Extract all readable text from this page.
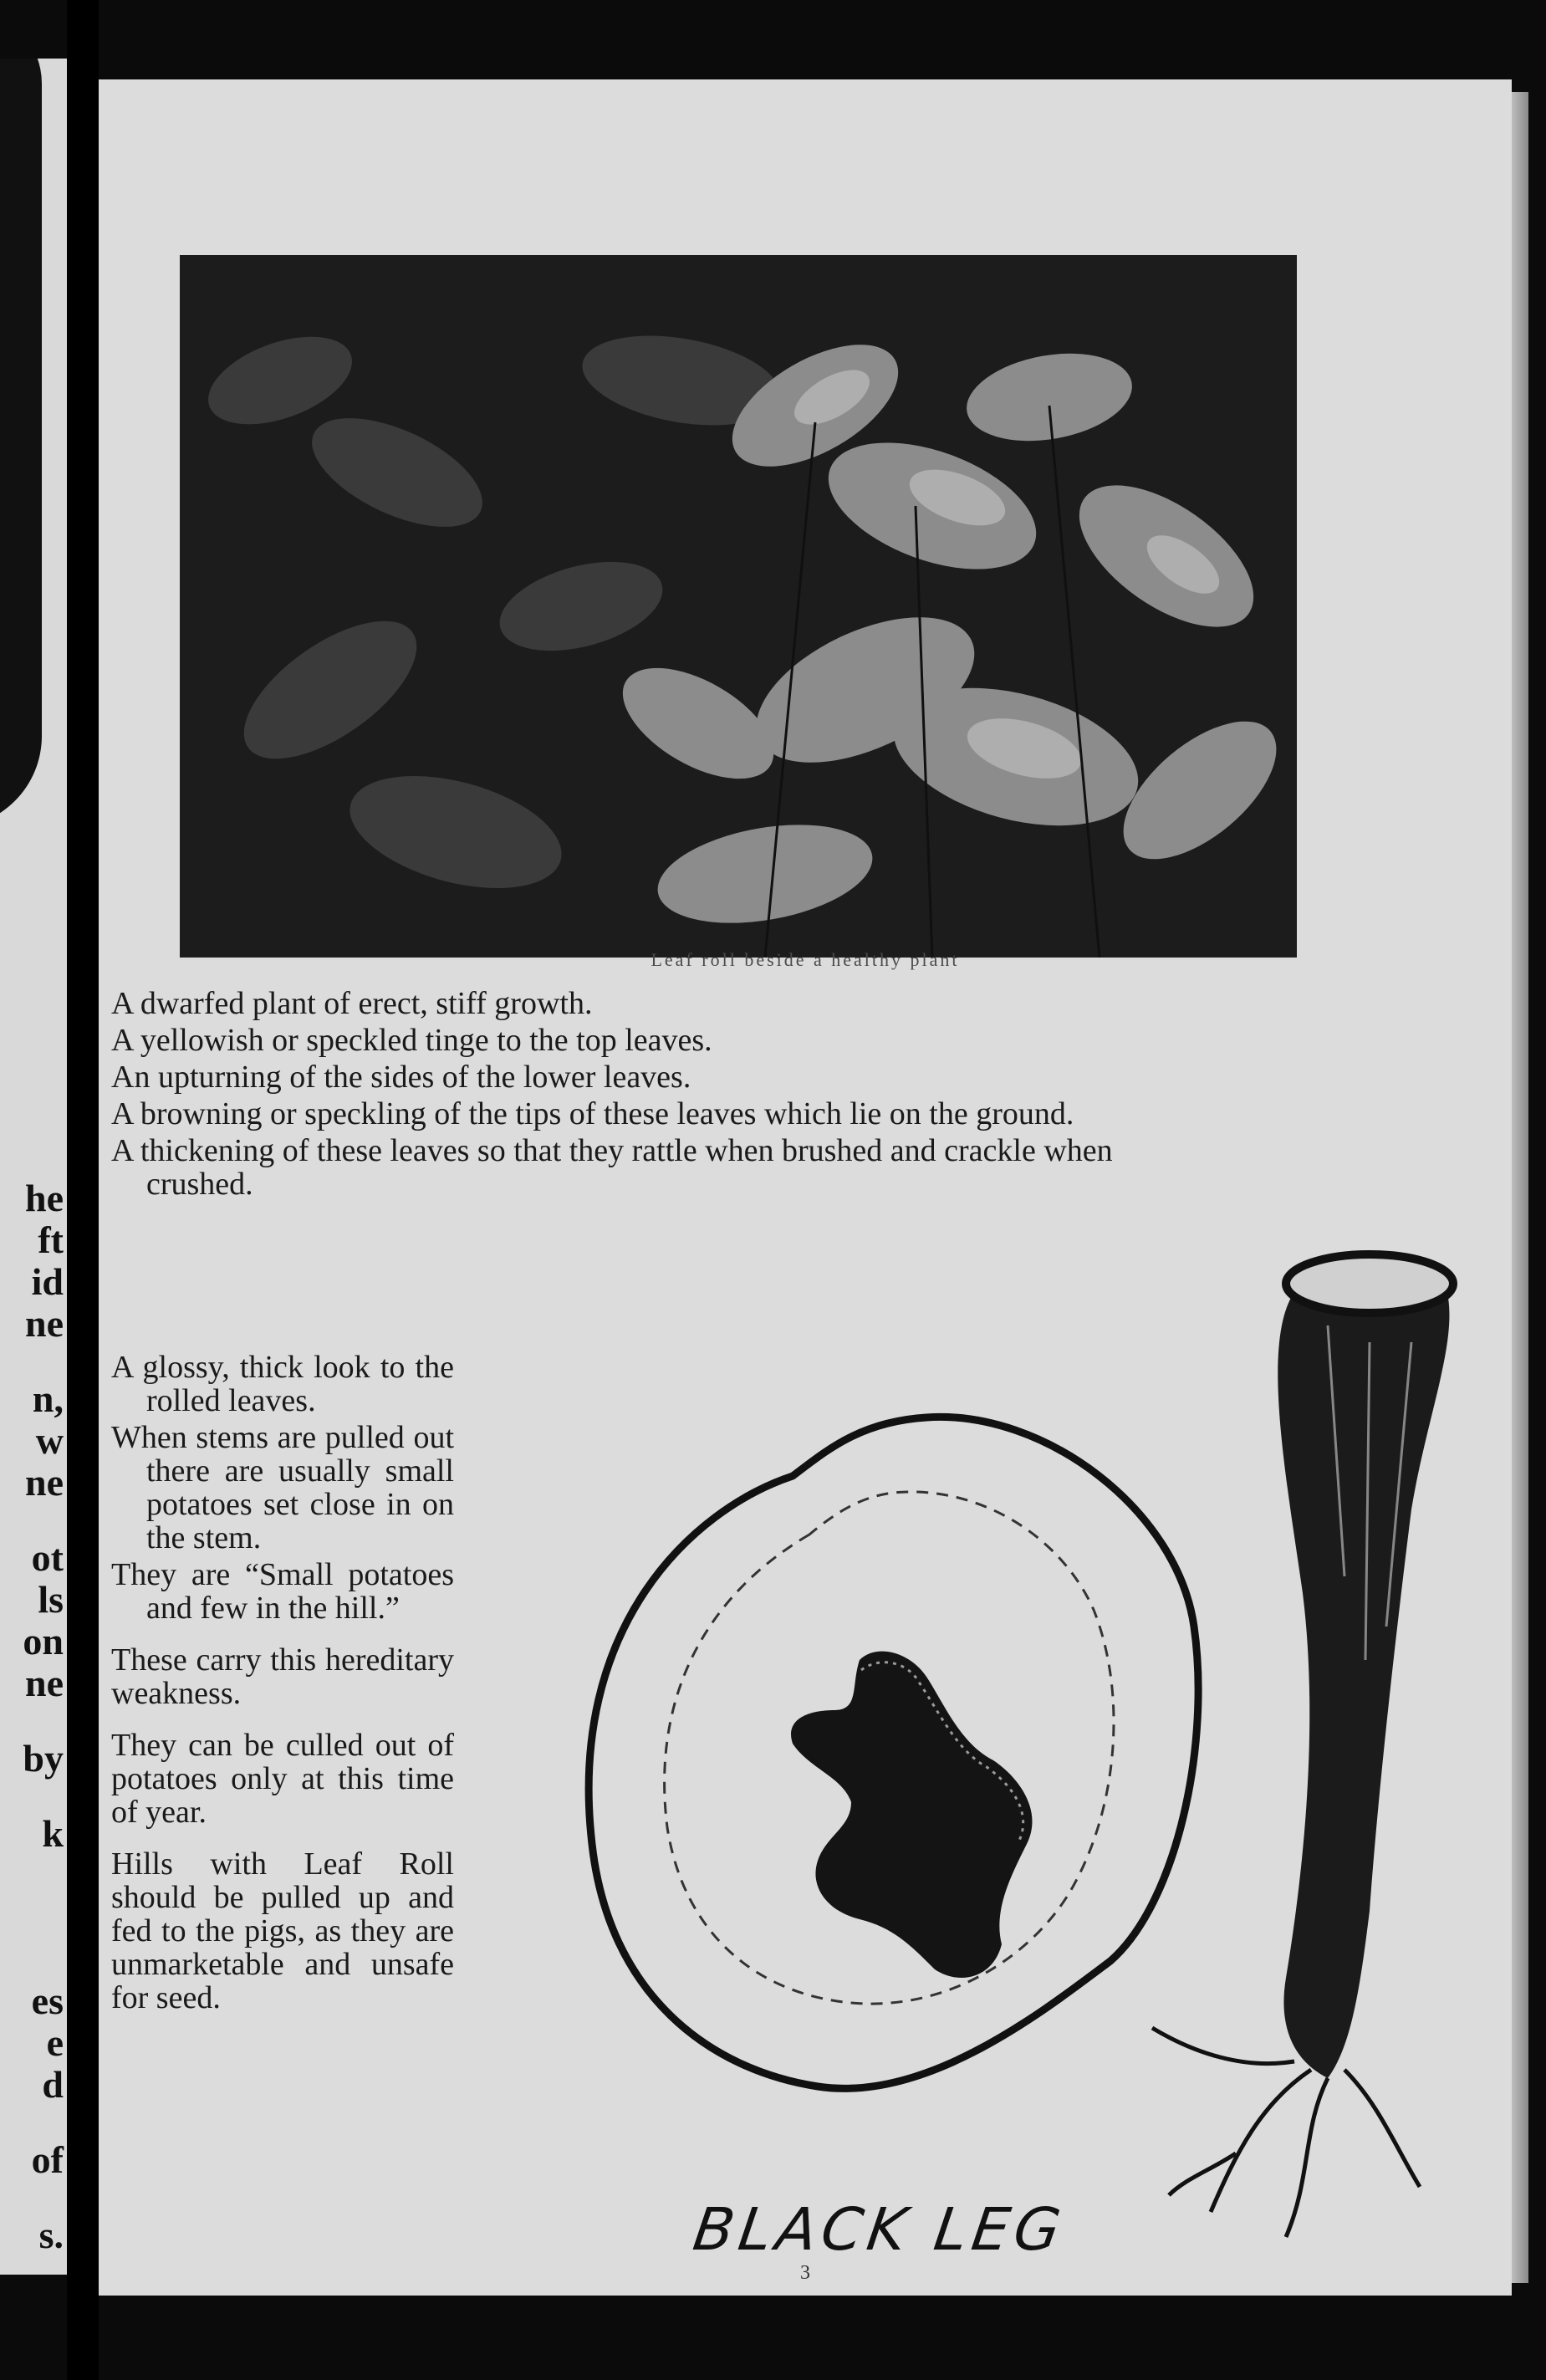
he
ft
id
ne
n,
w
ne
ot
ls
on
ne
by
k
es
e
d
of
s.
Leaf roll beside a healthy plant

A dwarfed plant of erect, stiff growth.

A yellowish or speckled tinge to the top leaves.

An upturning of the sides of the lower leaves.

A browning or speckling of the tips of these leaves which lie on the ground.

A thickening of these leaves so that they rattle when brushed and crackle when crushed.

A glossy, thick look to the rolled leaves.

When stems are pulled out there are usually small potatoes set close in on the stem.

They are “Small potatoes and few in the hill.”

These carry this hereditary weakness.

They can be culled out of potatoes only at this time of year.

Hills with Leaf Roll should be pulled up and fed to the pigs, as they are unmarketable and unsafe for seed.

BLACK LEG
3
